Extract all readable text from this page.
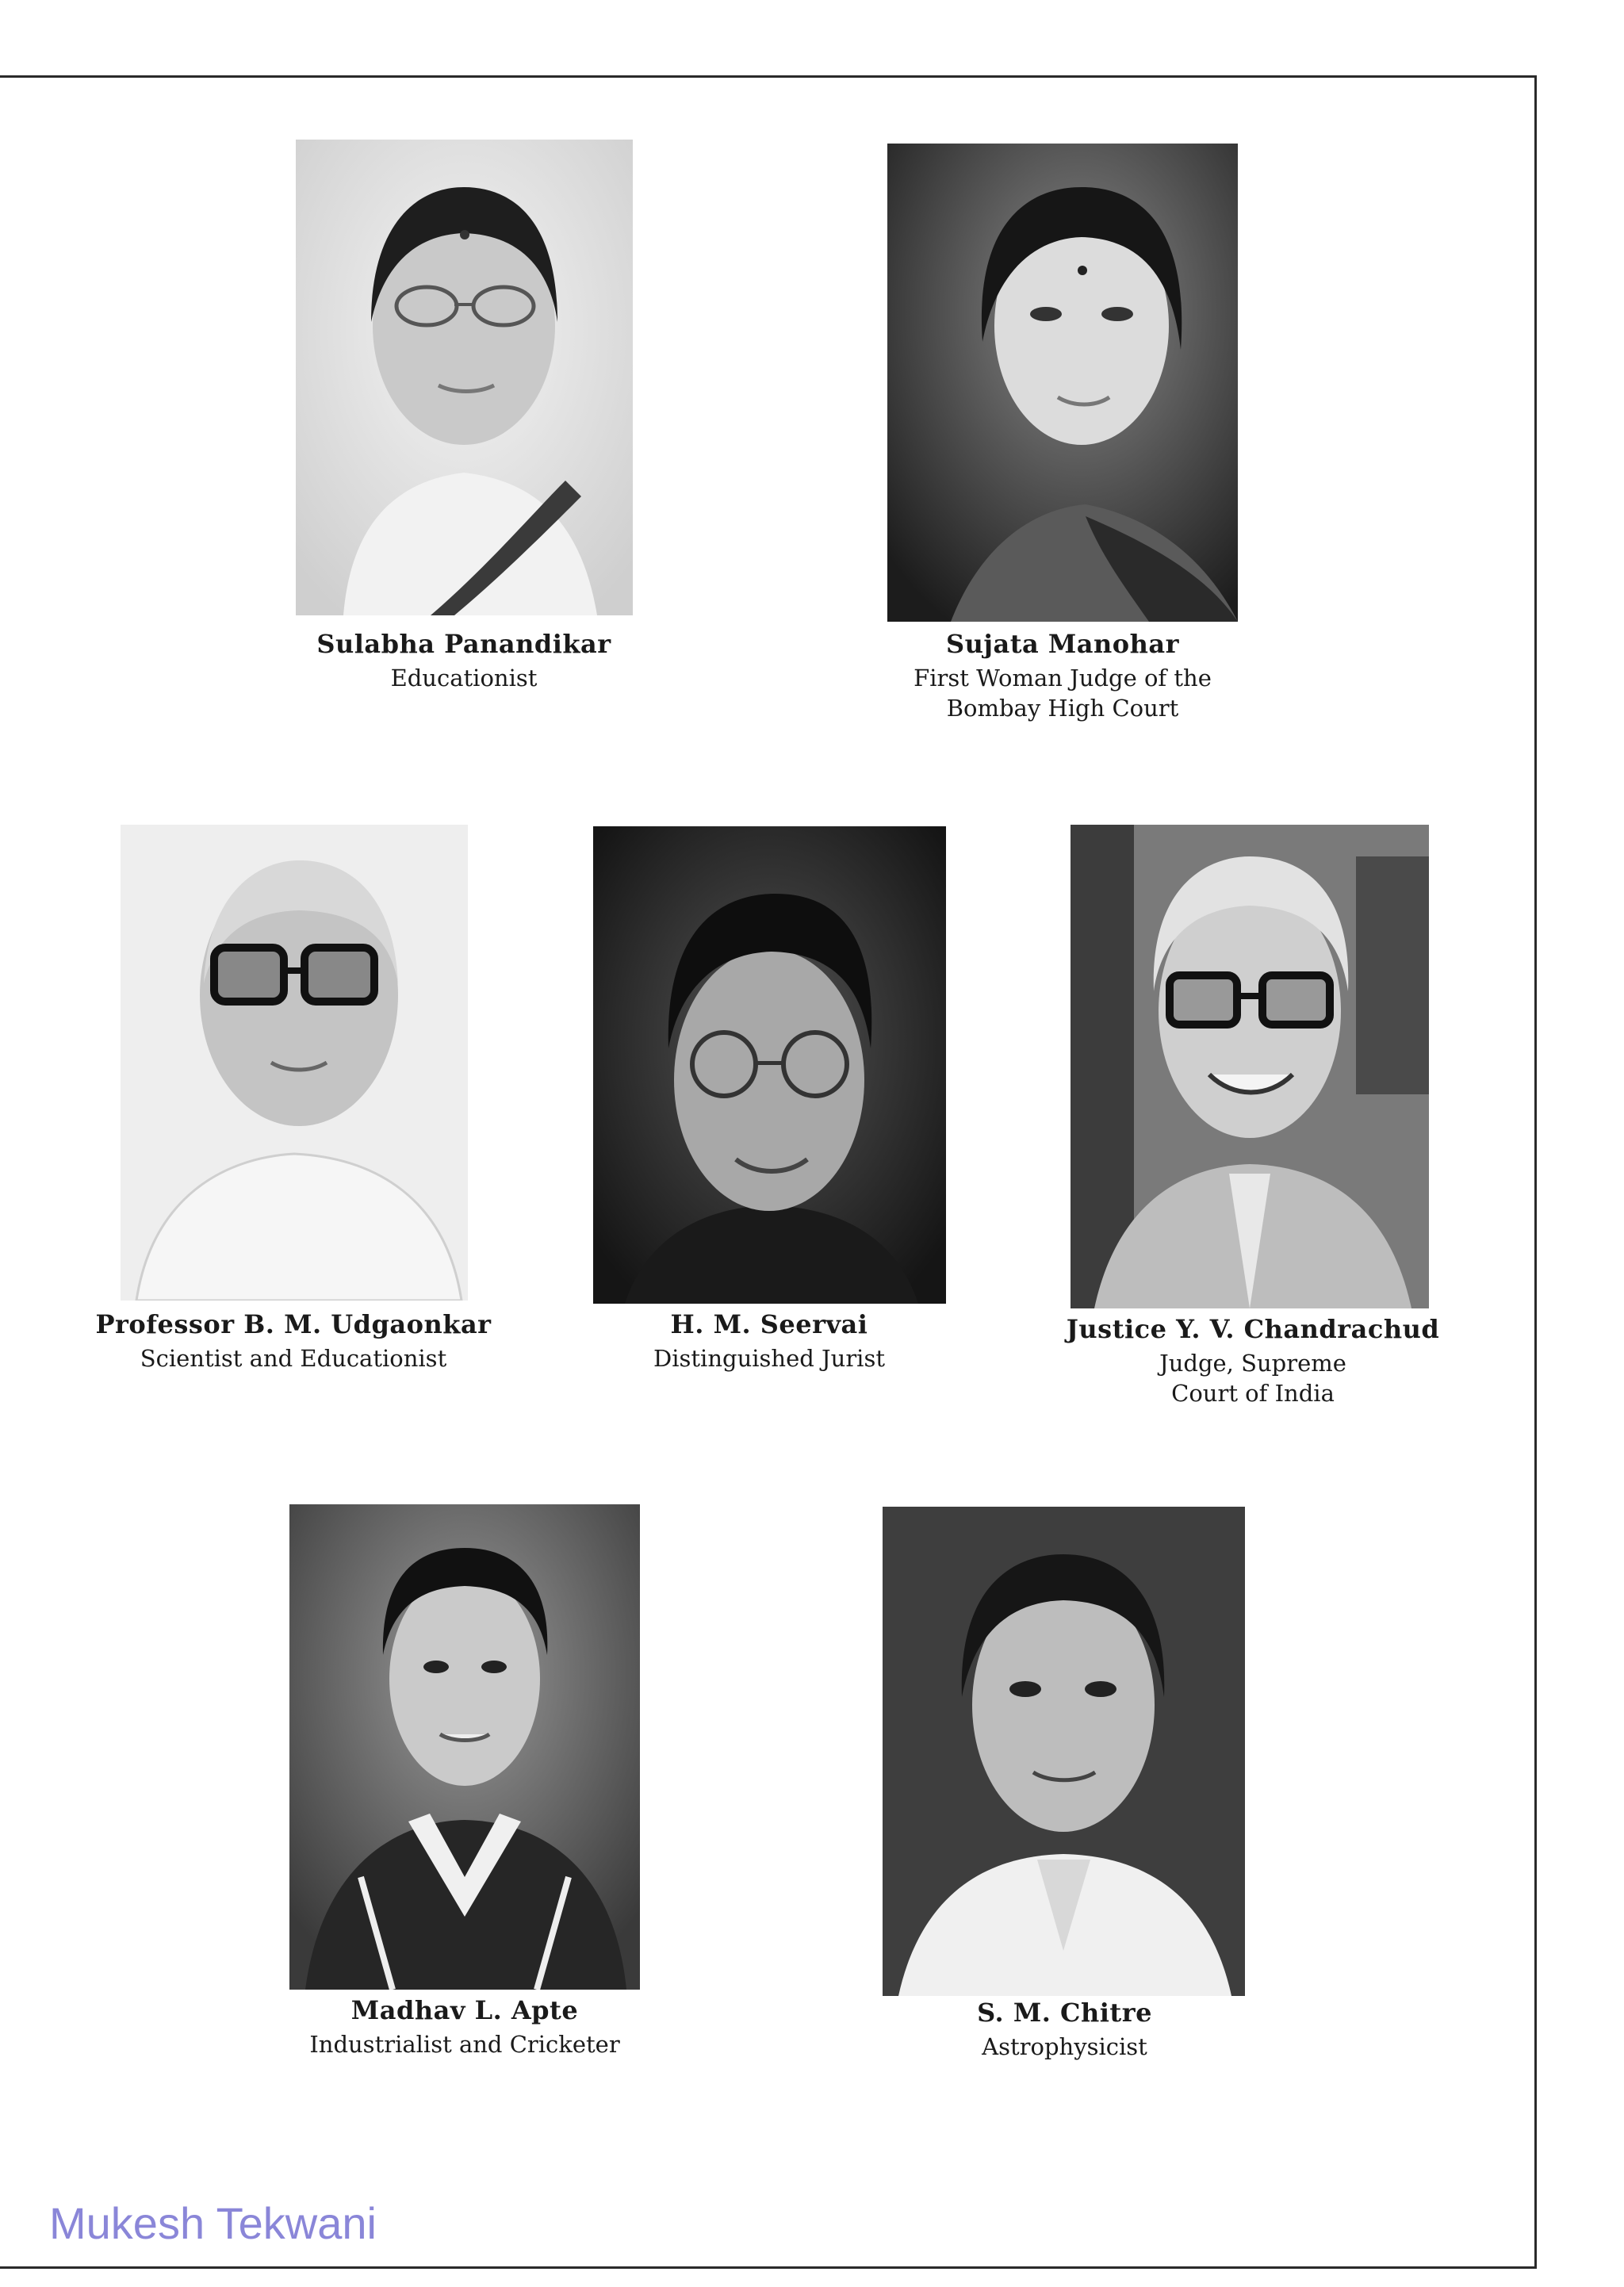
Sulabha Panandikar
Educationist
Sujata Manohar
First Woman Judge of the Bombay High Court
Professor B. M. Udgaonkar
Scientist and Educationist
H. M. Seervai
Distinguished Jurist
Justice Y. V. Chandrachud
Judge, Supreme Court of India
Madhav L. Apte
Industrialist and Cricketer
S. M. Chitre
Astrophysicist
Mukesh Tekwani
